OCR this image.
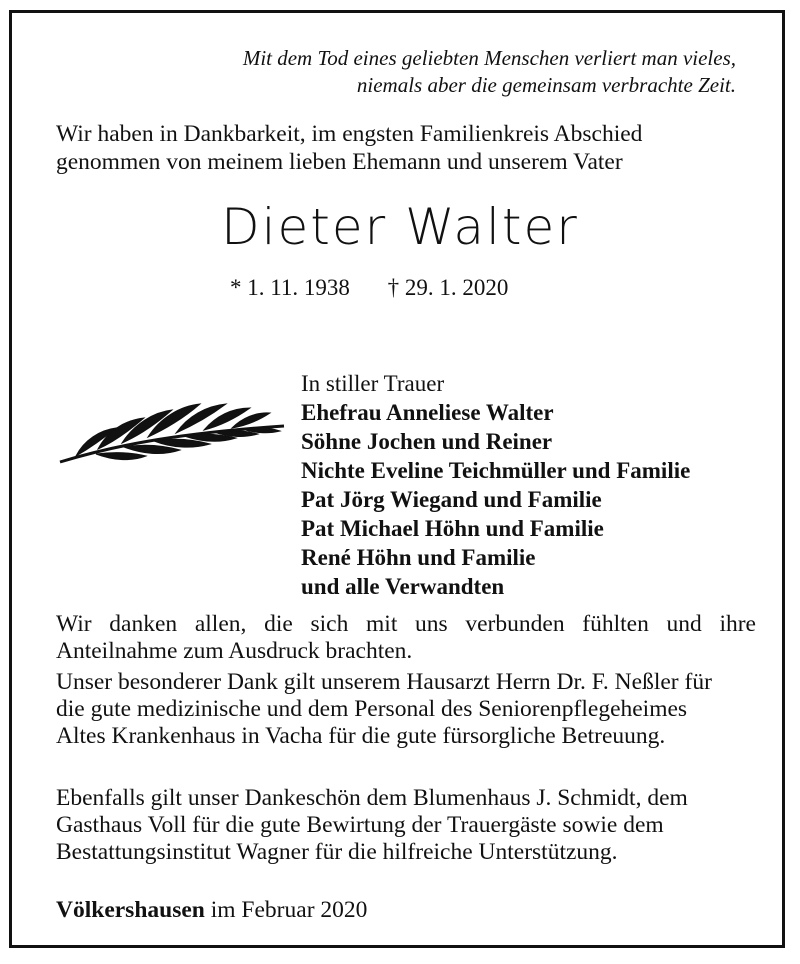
Mit dem Tod eines geliebten Menschen verliert man vieles,
niemals aber die gemeinsam verbrachte Zeit.
Wir haben in Dankbarkeit, im engsten Familienkreis Abschied
genommen von meinem lieben Ehemann und unserem Vater
Dieter Walter
* 1. 11. 1938 † 29. 1. 2020
In stiller Trauer
Ehefrau Anneliese Walter
Söhne Jochen und Reiner
Nichte Eveline Teichmüller und Familie
Pat Jörg Wiegand und Familie
Pat Michael Höhn und Familie
René Höhn und Familie
und alle Verwandten
Wir danken allen, die sich mit uns verbunden fühlten und ihre Anteilnahme zum Ausdruck brachten.
Unser besonderer Dank gilt unserem Hausarzt Herrn Dr. F. Neßler für die gute medizinische und dem Personal des Seniorenpflegeheimes Altes Krankenhaus in Vacha für die gute fürsorgliche Betreuung.
Ebenfalls gilt unser Dankeschön dem Blumenhaus J. Schmidt, dem Gasthaus Voll für die gute Bewirtung der Trauergäste sowie dem Bestattungsinstitut Wagner für die hilfreiche Unterstützung.
Völkershausen im Februar 2020
